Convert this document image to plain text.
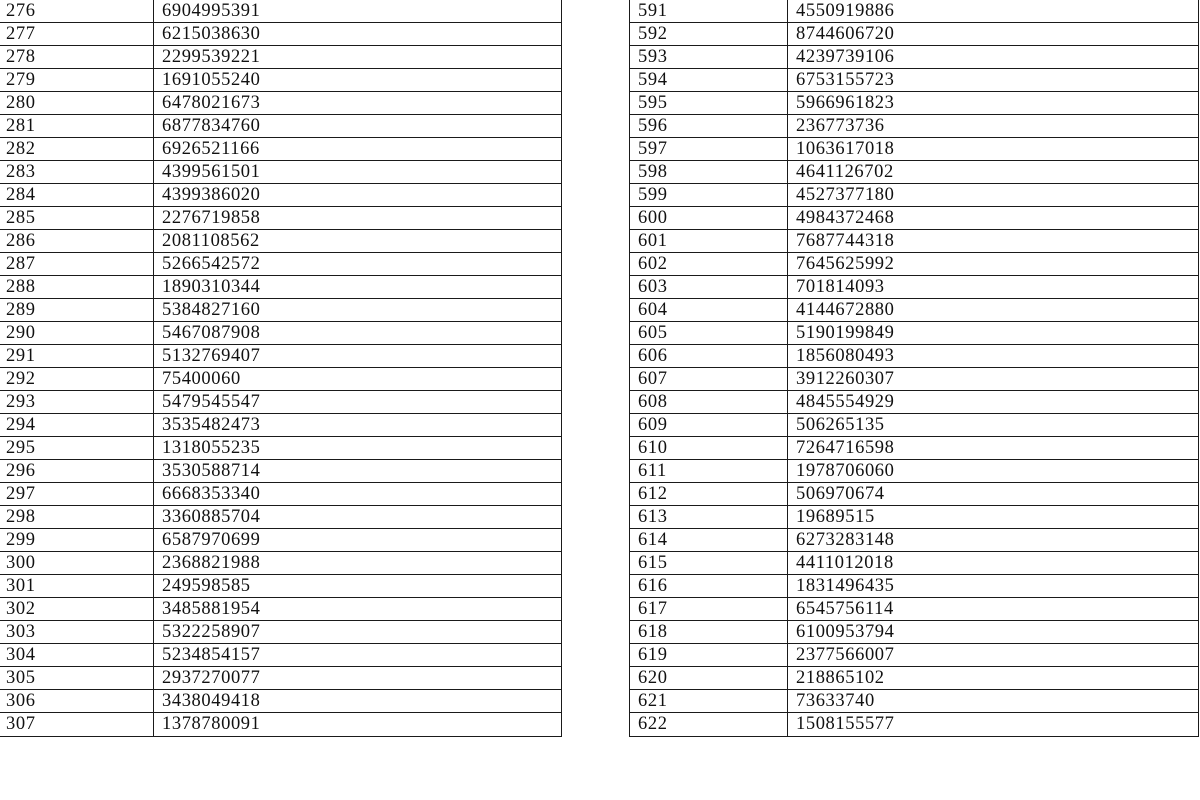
276	6904995391		591	4550919886
277	6215038630		592	8744606720
278	2299539221		593	4239739106
279	1691055240		594	6753155723
280	6478021673		595	5966961823
281	6877834760		596	236773736
282	6926521166		597	1063617018
283	4399561501		598	4641126702
284	4399386020		599	4527377180
285	2276719858		600	4984372468
286	2081108562		601	7687744318
287	5266542572		602	7645625992
288	1890310344		603	701814093
289	5384827160		604	4144672880
290	5467087908		605	5190199849
291	5132769407		606	1856080493
292	75400060		607	3912260307
293	5479545547		608	4845554929
294	3535482473		609	506265135
295	1318055235		610	7264716598
296	3530588714		611	1978706060
297	6668353340		612	506970674
298	3360885704		613	19689515
299	6587970699		614	6273283148
300	2368821988		615	4411012018
301	249598585		616	1831496435
302	3485881954		617	6545756114
303	5322258907		618	6100953794
304	5234854157		619	2377566007
305	2937270077		620	218865102
306	3438049418		621	73633740
307	1378780091		622	1508155577
